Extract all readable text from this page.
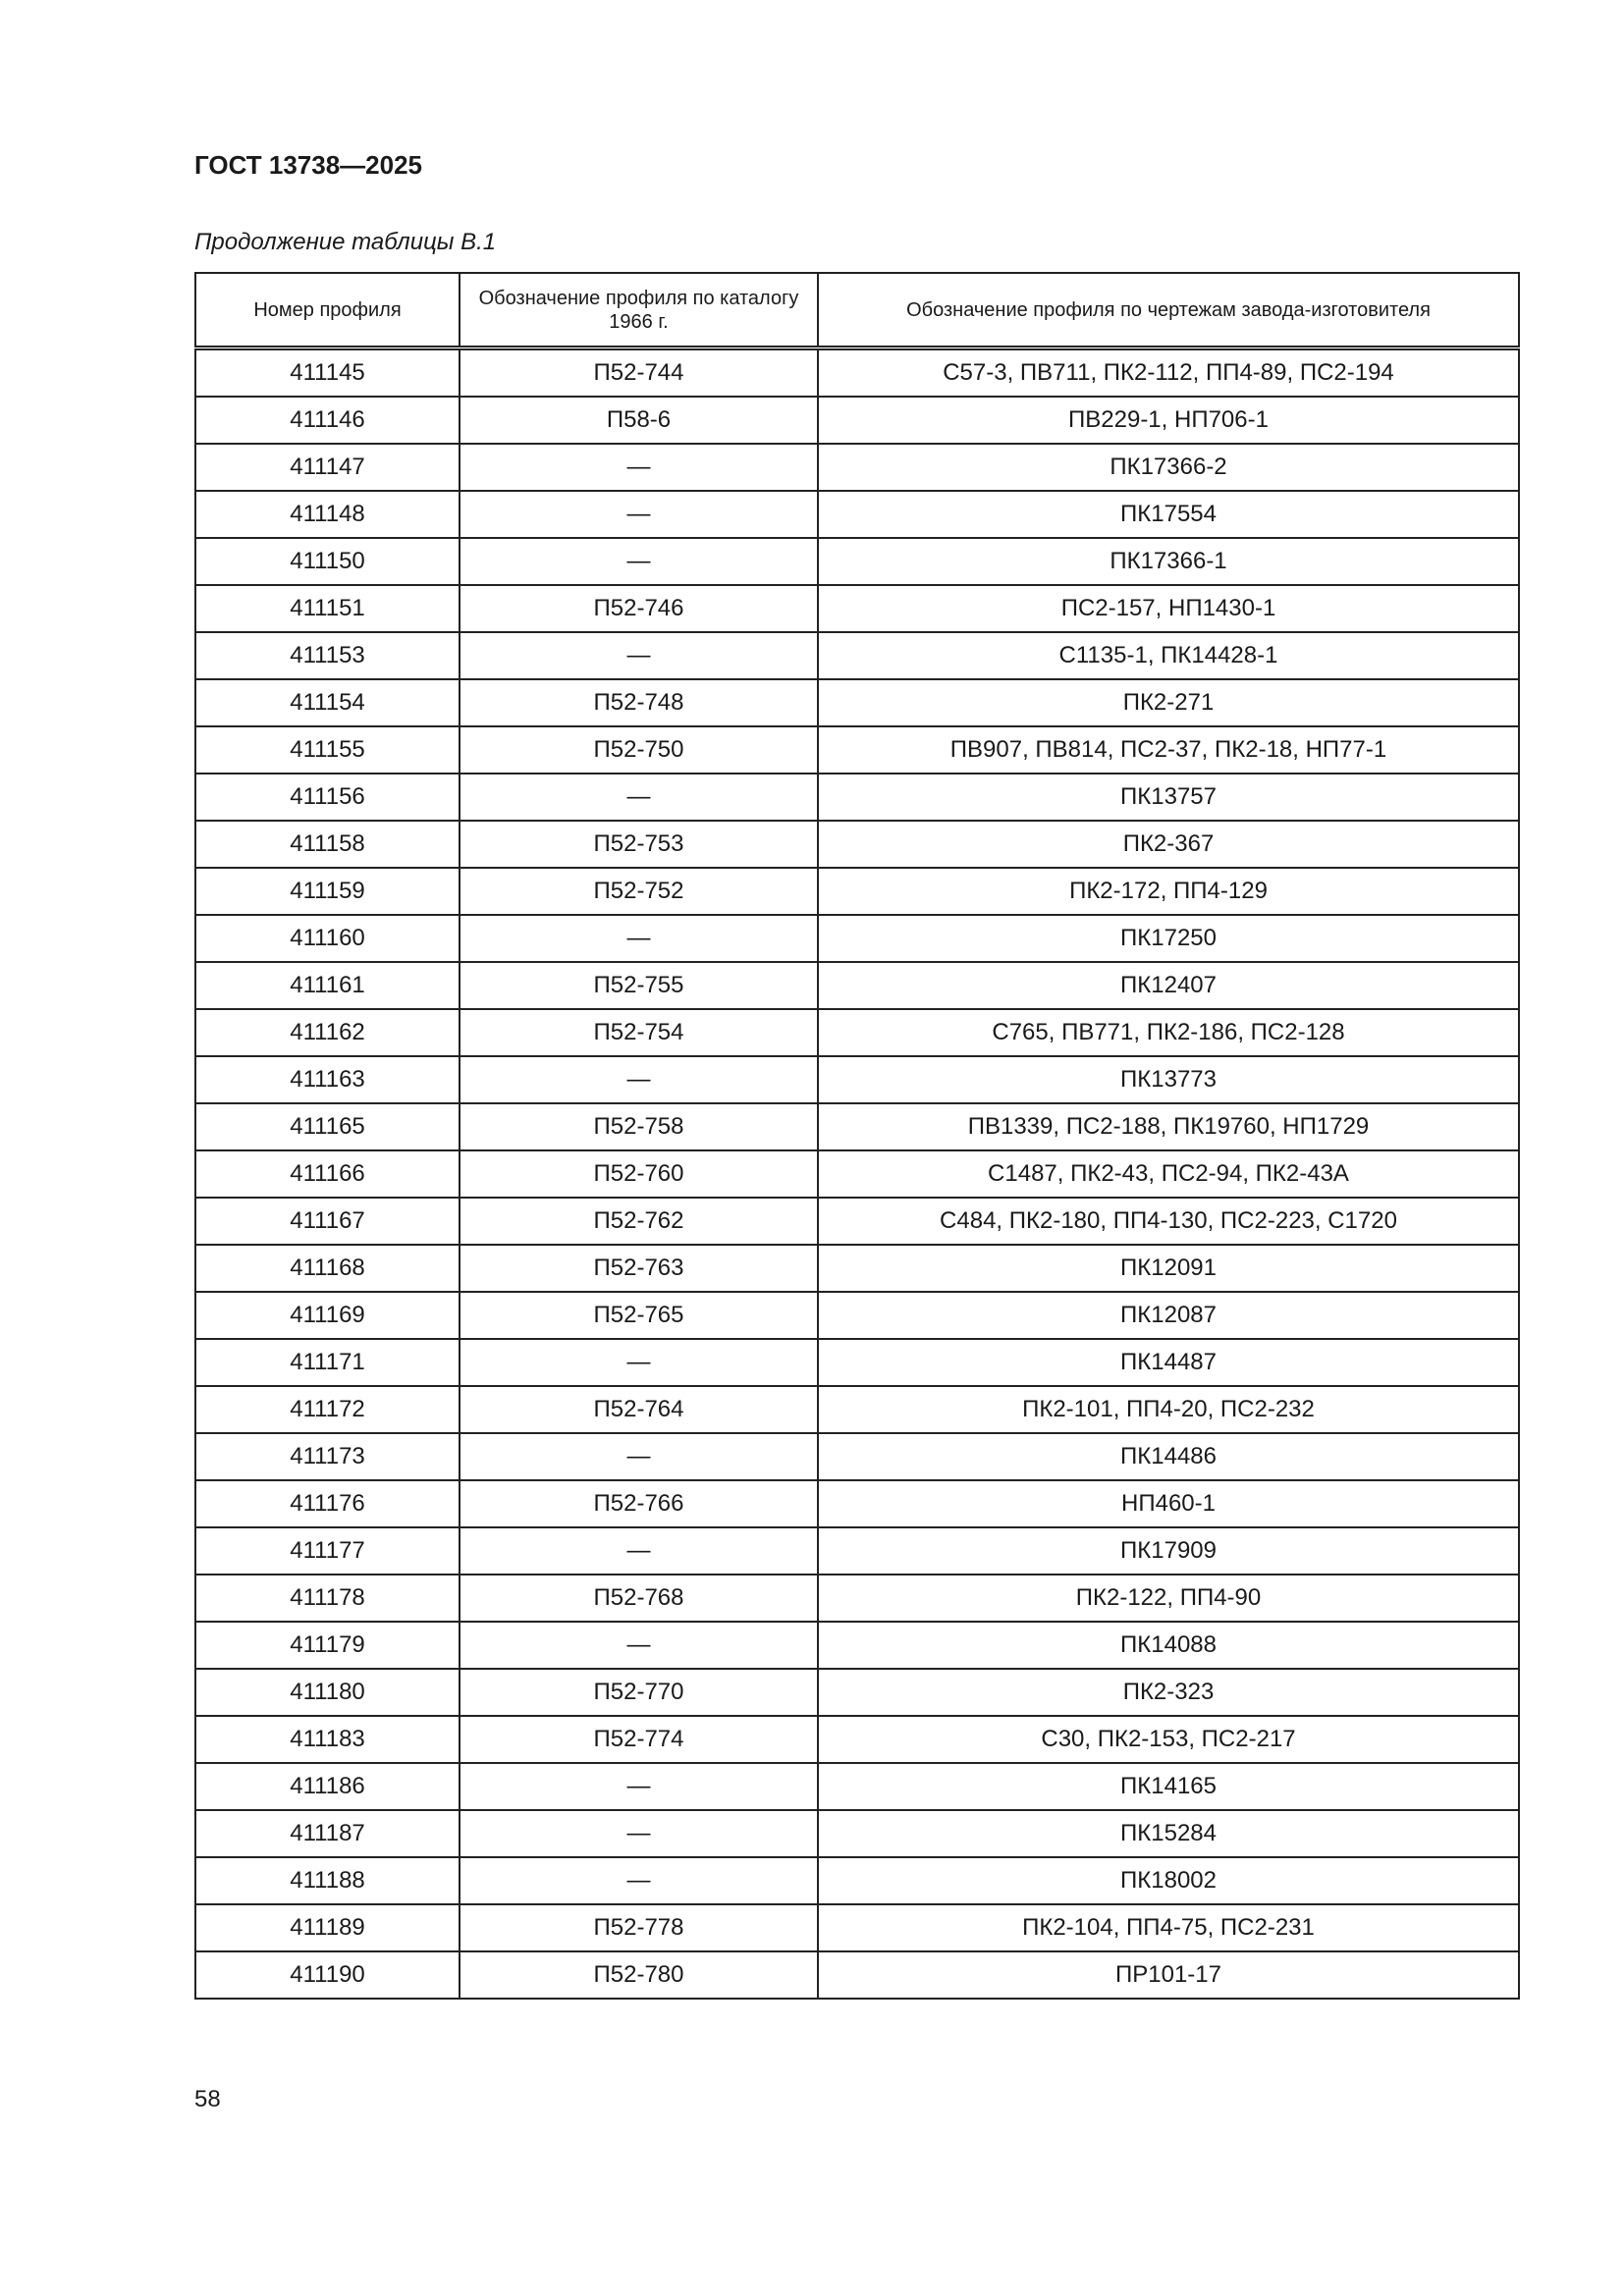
ГОСТ 13738—2025
Продолжение таблицы В.1
Номер профиля	Обозначение профиля по каталогу 1966 г.	Обозначение профиля по чертежам завода-изготовителя
411145	П52-744	С57-3, ПВ711, ПК2-112, ПП4-89, ПС2-194
411146	П58-6	ПВ229-1, НП706-1
411147	—	ПК17366-2
411148	—	ПК17554
411150	—	ПК17366-1
411151	П52-746	ПС2-157, НП1430-1
411153	—	С1135-1, ПК14428-1
411154	П52-748	ПК2-271
411155	П52-750	ПВ907, ПВ814, ПС2-37, ПК2-18, НП77-1
411156	—	ПК13757
411158	П52-753	ПК2-367
411159	П52-752	ПК2-172, ПП4-129
411160	—	ПК17250
411161	П52-755	ПК12407
411162	П52-754	С765, ПВ771, ПК2-186, ПС2-128
411163	—	ПК13773
411165	П52-758	ПВ1339, ПС2-188, ПК19760, НП1729
411166	П52-760	С1487, ПК2-43, ПС2-94, ПК2-43А
411167	П52-762	С484, ПК2-180, ПП4-130, ПС2-223, С1720
411168	П52-763	ПК12091
411169	П52-765	ПК12087
411171	—	ПК14487
411172	П52-764	ПК2-101, ПП4-20, ПС2-232
411173	—	ПК14486
411176	П52-766	НП460-1
411177	—	ПК17909
411178	П52-768	ПК2-122, ПП4-90
411179	—	ПК14088
411180	П52-770	ПК2-323
411183	П52-774	С30, ПК2-153, ПС2-217
411186	—	ПК14165
411187	—	ПК15284
411188	—	ПК18002
411189	П52-778	ПК2-104, ПП4-75, ПС2-231
411190	П52-780	ПР101-17
58
